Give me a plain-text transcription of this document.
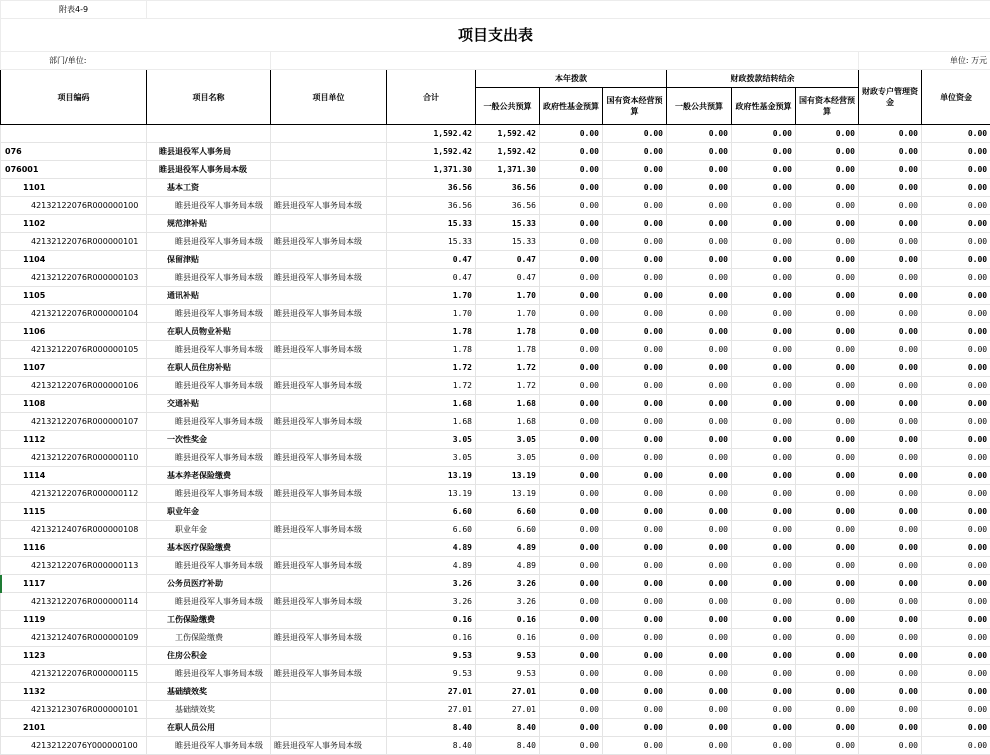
附表4-9											
项目支出表											
部门/单位:										单位: 万元	
项目编码	项目名称	项目单位	合计	本年拨款			财政拨款结转结余			财政专户管理资金	单位资金
				一般公共预算	政府性基金预算	国有资本经营预算	一般公共预算	政府性基金预算	国有资本经营预算		
			1,592.42	1,592.42	0.00	0.00	0.00	0.00	0.00	0.00	0.00
076	睢县退役军人事务局		1,592.42	1,592.42	0.00	0.00	0.00	0.00	0.00	0.00	0.00
076001	睢县退役军人事务局本级		1,371.30	1,371.30	0.00	0.00	0.00	0.00	0.00	0.00	0.00
1101	基本工资		36.56	36.56	0.00	0.00	0.00	0.00	0.00	0.00	0.00
42132122076R000000100	睢县退役军人事务局本级	睢县退役军人事务局本级	36.56	36.56	0.00	0.00	0.00	0.00	0.00	0.00	0.00
1102	规范津补贴		15.33	15.33	0.00	0.00	0.00	0.00	0.00	0.00	0.00
42132122076R000000101	睢县退役军人事务局本级	睢县退役军人事务局本级	15.33	15.33	0.00	0.00	0.00	0.00	0.00	0.00	0.00
1104	保留津贴		0.47	0.47	0.00	0.00	0.00	0.00	0.00	0.00	0.00
42132122076R000000103	睢县退役军人事务局本级	睢县退役军人事务局本级	0.47	0.47	0.00	0.00	0.00	0.00	0.00	0.00	0.00
1105	通讯补贴		1.70	1.70	0.00	0.00	0.00	0.00	0.00	0.00	0.00
42132122076R000000104	睢县退役军人事务局本级	睢县退役军人事务局本级	1.70	1.70	0.00	0.00	0.00	0.00	0.00	0.00	0.00
1106	在职人员物业补贴		1.78	1.78	0.00	0.00	0.00	0.00	0.00	0.00	0.00
42132122076R000000105	睢县退役军人事务局本级	睢县退役军人事务局本级	1.78	1.78	0.00	0.00	0.00	0.00	0.00	0.00	0.00
1107	在职人员住房补贴		1.72	1.72	0.00	0.00	0.00	0.00	0.00	0.00	0.00
42132122076R000000106	睢县退役军人事务局本级	睢县退役军人事务局本级	1.72	1.72	0.00	0.00	0.00	0.00	0.00	0.00	0.00
1108	交通补贴		1.68	1.68	0.00	0.00	0.00	0.00	0.00	0.00	0.00
42132122076R000000107	睢县退役军人事务局本级	睢县退役军人事务局本级	1.68	1.68	0.00	0.00	0.00	0.00	0.00	0.00	0.00
1112	一次性奖金		3.05	3.05	0.00	0.00	0.00	0.00	0.00	0.00	0.00
42132122076R000000110	睢县退役军人事务局本级	睢县退役军人事务局本级	3.05	3.05	0.00	0.00	0.00	0.00	0.00	0.00	0.00
1114	基本养老保险缴费		13.19	13.19	0.00	0.00	0.00	0.00	0.00	0.00	0.00
42132122076R000000112	睢县退役军人事务局本级	睢县退役军人事务局本级	13.19	13.19	0.00	0.00	0.00	0.00	0.00	0.00	0.00
1115	职业年金		6.60	6.60	0.00	0.00	0.00	0.00	0.00	0.00	0.00
42132124076R000000108	职业年金	睢县退役军人事务局本级	6.60	6.60	0.00	0.00	0.00	0.00	0.00	0.00	0.00
1116	基本医疗保险缴费		4.89	4.89	0.00	0.00	0.00	0.00	0.00	0.00	0.00
42132122076R000000113	睢县退役军人事务局本级	睢县退役军人事务局本级	4.89	4.89	0.00	0.00	0.00	0.00	0.00	0.00	0.00
1117	公务员医疗补助		3.26	3.26	0.00	0.00	0.00	0.00	0.00	0.00	0.00
42132122076R000000114	睢县退役军人事务局本级	睢县退役军人事务局本级	3.26	3.26	0.00	0.00	0.00	0.00	0.00	0.00	0.00
1119	工伤保险缴费		0.16	0.16	0.00	0.00	0.00	0.00	0.00	0.00	0.00
42132124076R000000109	工伤保险缴费	睢县退役军人事务局本级	0.16	0.16	0.00	0.00	0.00	0.00	0.00	0.00	0.00
1123	住房公积金		9.53	9.53	0.00	0.00	0.00	0.00	0.00	0.00	0.00
42132122076R000000115	睢县退役军人事务局本级	睢县退役军人事务局本级	9.53	9.53	0.00	0.00	0.00	0.00	0.00	0.00	0.00
1132	基础绩效奖		27.01	27.01	0.00	0.00	0.00	0.00	0.00	0.00	0.00
42132123076R000000101	基础绩效奖		27.01	27.01	0.00	0.00	0.00	0.00	0.00	0.00	0.00
2101	在职人员公用		8.40	8.40	0.00	0.00	0.00	0.00	0.00	0.00	0.00
42132122076Y000000100	睢县退役军人事务局本级	睢县退役军人事务局本级	8.40	8.40	0.00	0.00	0.00	0.00	0.00	0.00	0.00
